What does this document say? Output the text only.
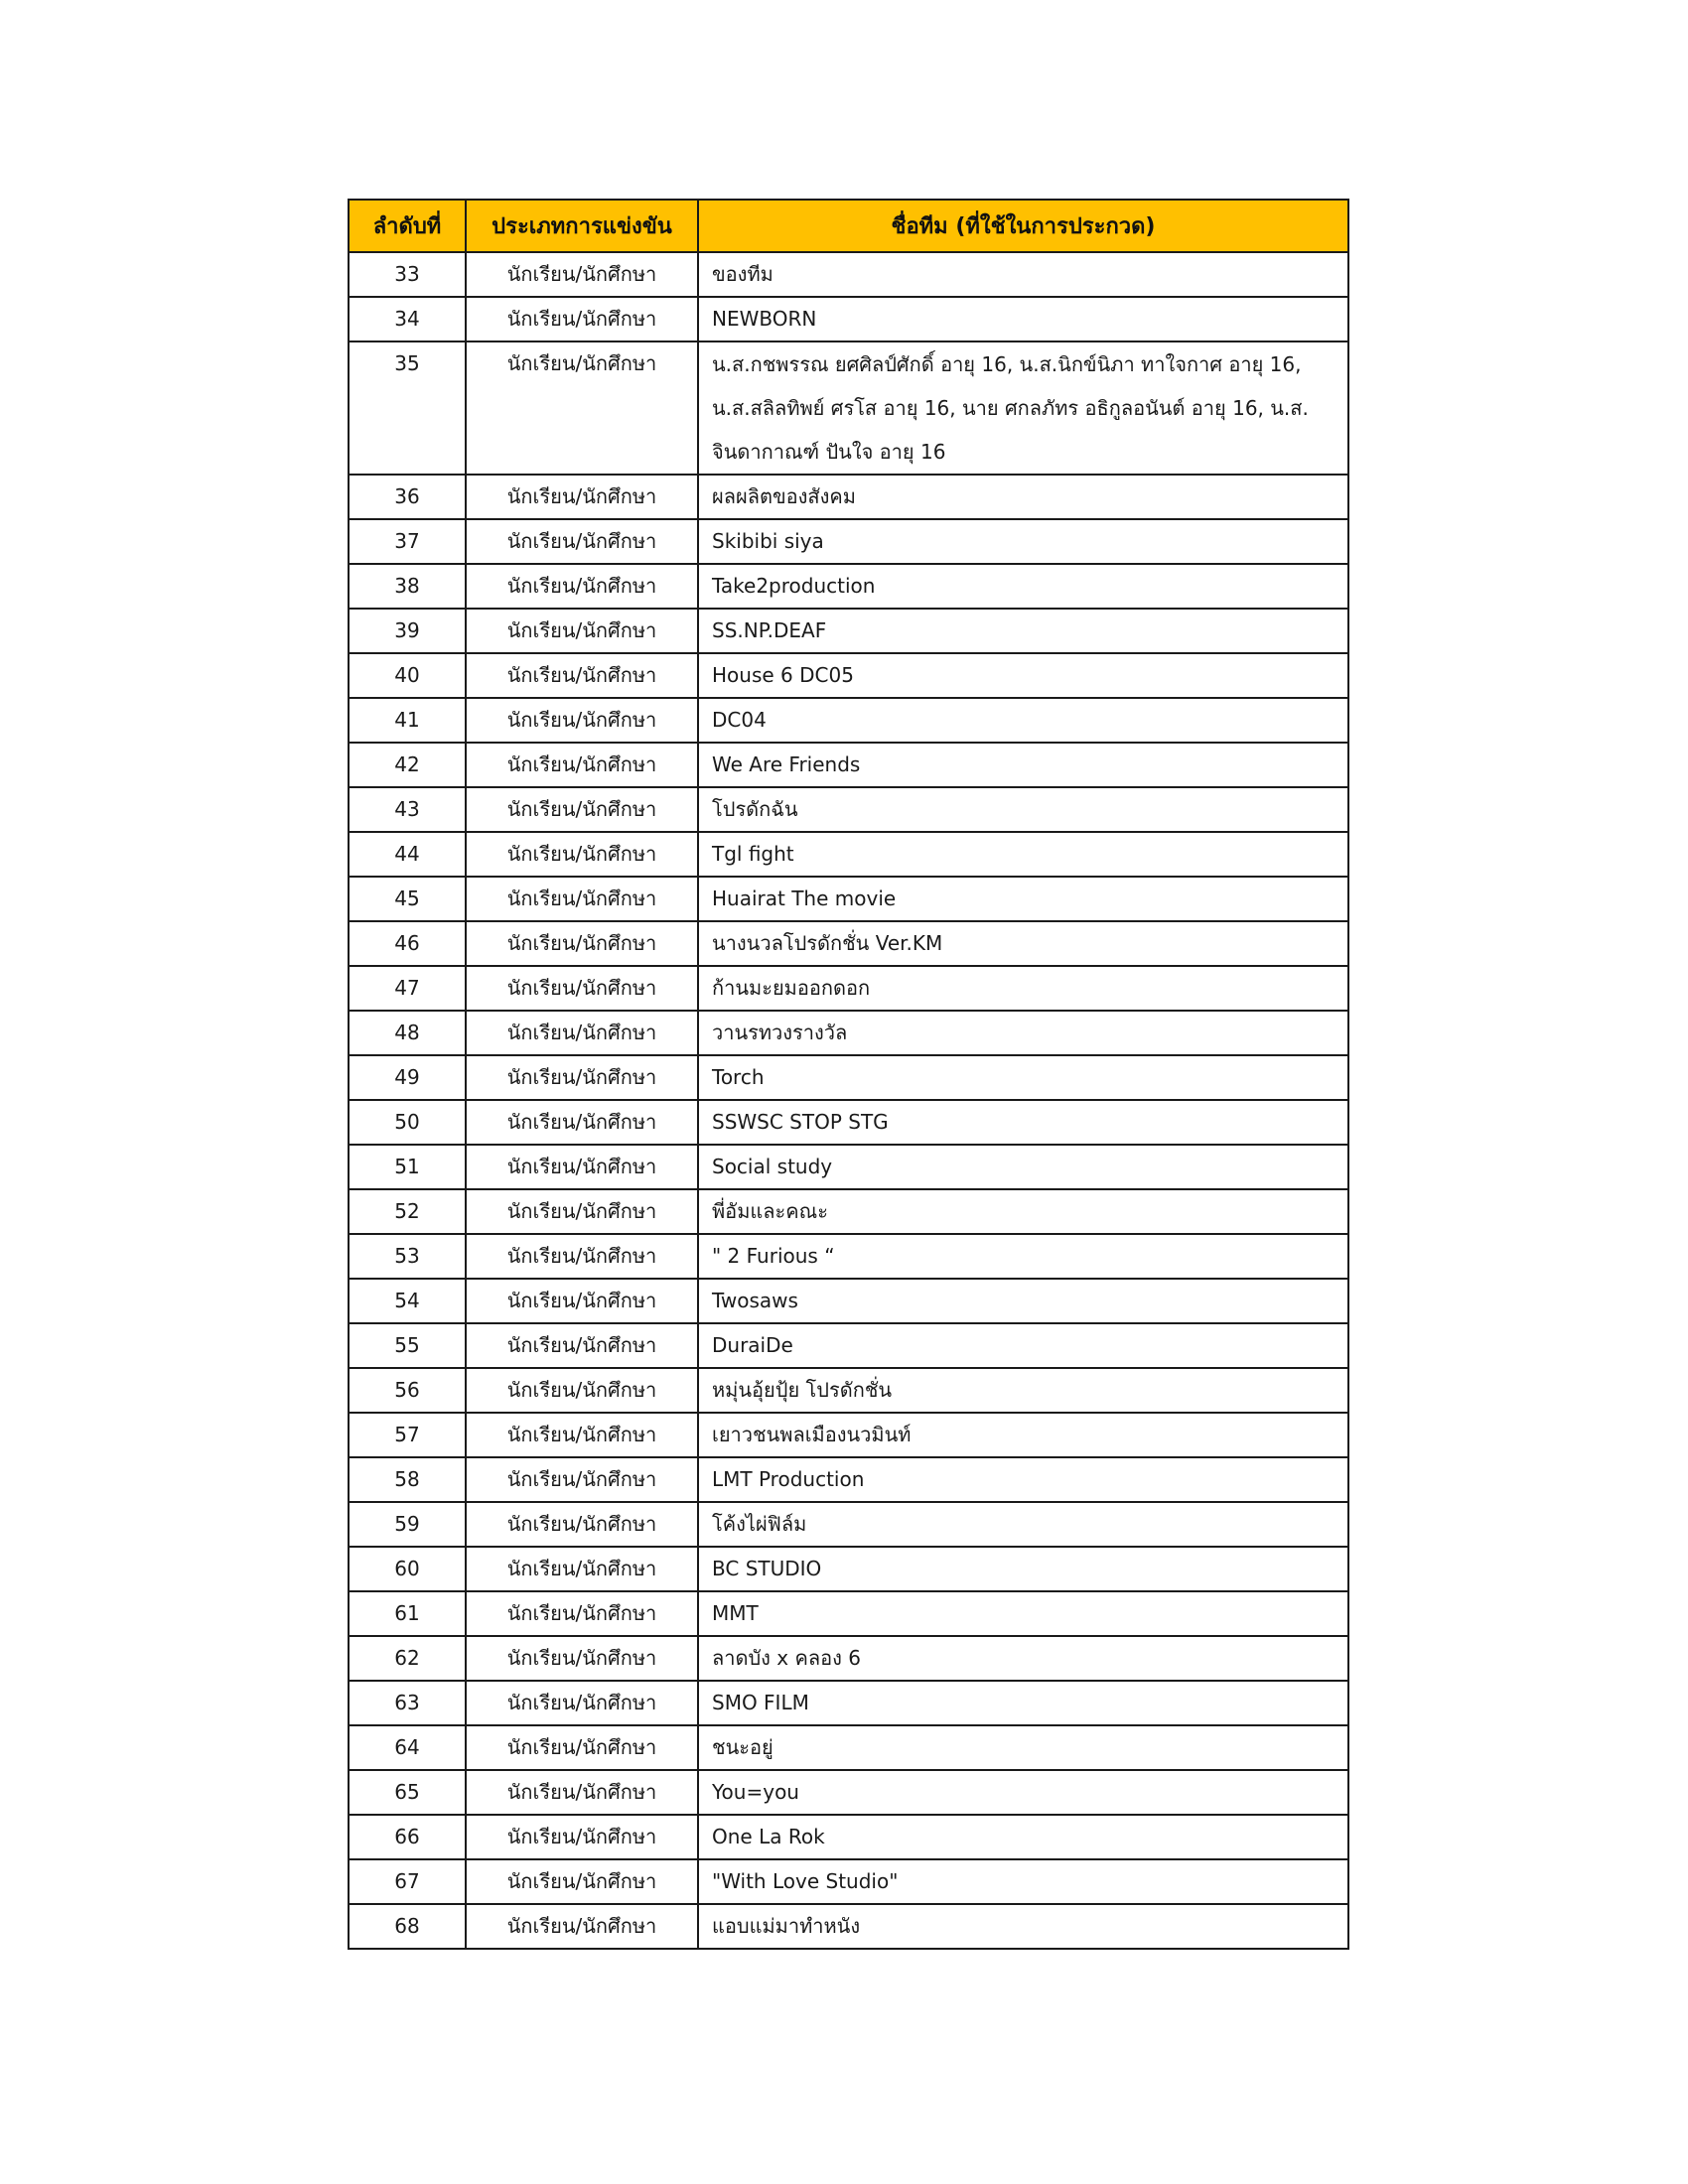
ลำดับที่	ประเภทการแข่งขัน	ชื่อทีม (ที่ใช้ในการประกวด)
33	นักเรียน/นักศึกษา	ของทีม
34	นักเรียน/นักศึกษา	NEWBORN
35	นักเรียน/นักศึกษา	น.ส.กชพรรณ ยศศิลป์ศักดิ์ อายุ 16, น.ส.นิกข์นิภา ทาใจกาศ อายุ 16, น.ส.สลิลทิพย์ ศรโส อายุ 16, นาย ศกลภัทร อธิกูลอนันต์ อายุ 16, น.ส. จินดากาณฑ์ ปันใจ อายุ 16
36	นักเรียน/นักศึกษา	ผลผลิตของสังคม
37	นักเรียน/นักศึกษา	Skibibi siya
38	นักเรียน/นักศึกษา	Take2production
39	นักเรียน/นักศึกษา	SS.NP.DEAF
40	นักเรียน/นักศึกษา	House 6 DC05
41	นักเรียน/นักศึกษา	DC04
42	นักเรียน/นักศึกษา	We Are Friends
43	นักเรียน/นักศึกษา	โปรดักฉัน
44	นักเรียน/นักศึกษา	Tgl fight
45	นักเรียน/นักศึกษา	Huairat The movie
46	นักเรียน/นักศึกษา	นางนวลโปรดักชั่น Ver.KM
47	นักเรียน/นักศึกษา	ก้านมะยมออกดอก
48	นักเรียน/นักศึกษา	วานรทวงรางวัล
49	นักเรียน/นักศึกษา	Torch
50	นักเรียน/นักศึกษา	SSWSC STOP STG
51	นักเรียน/นักศึกษา	Social study
52	นักเรียน/นักศึกษา	พี่อัมและคณะ
53	นักเรียน/นักศึกษา	" 2 Furious “
54	นักเรียน/นักศึกษา	Twosaws
55	นักเรียน/นักศึกษา	DuraiDe
56	นักเรียน/นักศึกษา	หมุ่นอุ้ยปุ้ย โปรดักชั่น
57	นักเรียน/นักศึกษา	เยาวชนพลเมืองนวมินท์
58	นักเรียน/นักศึกษา	LMT Production
59	นักเรียน/นักศึกษา	โค้งไผ่ฟิล์ม
60	นักเรียน/นักศึกษา	BC STUDIO
61	นักเรียน/นักศึกษา	MMT
62	นักเรียน/นักศึกษา	ลาดบัง x คลอง 6
63	นักเรียน/นักศึกษา	SMO FILM
64	นักเรียน/นักศึกษา	ชนะอยู่
65	นักเรียน/นักศึกษา	You=you
66	นักเรียน/นักศึกษา	One La Rok
67	นักเรียน/นักศึกษา	"With Love Studio"
68	นักเรียน/นักศึกษา	แอบแม่มาทำหนัง
